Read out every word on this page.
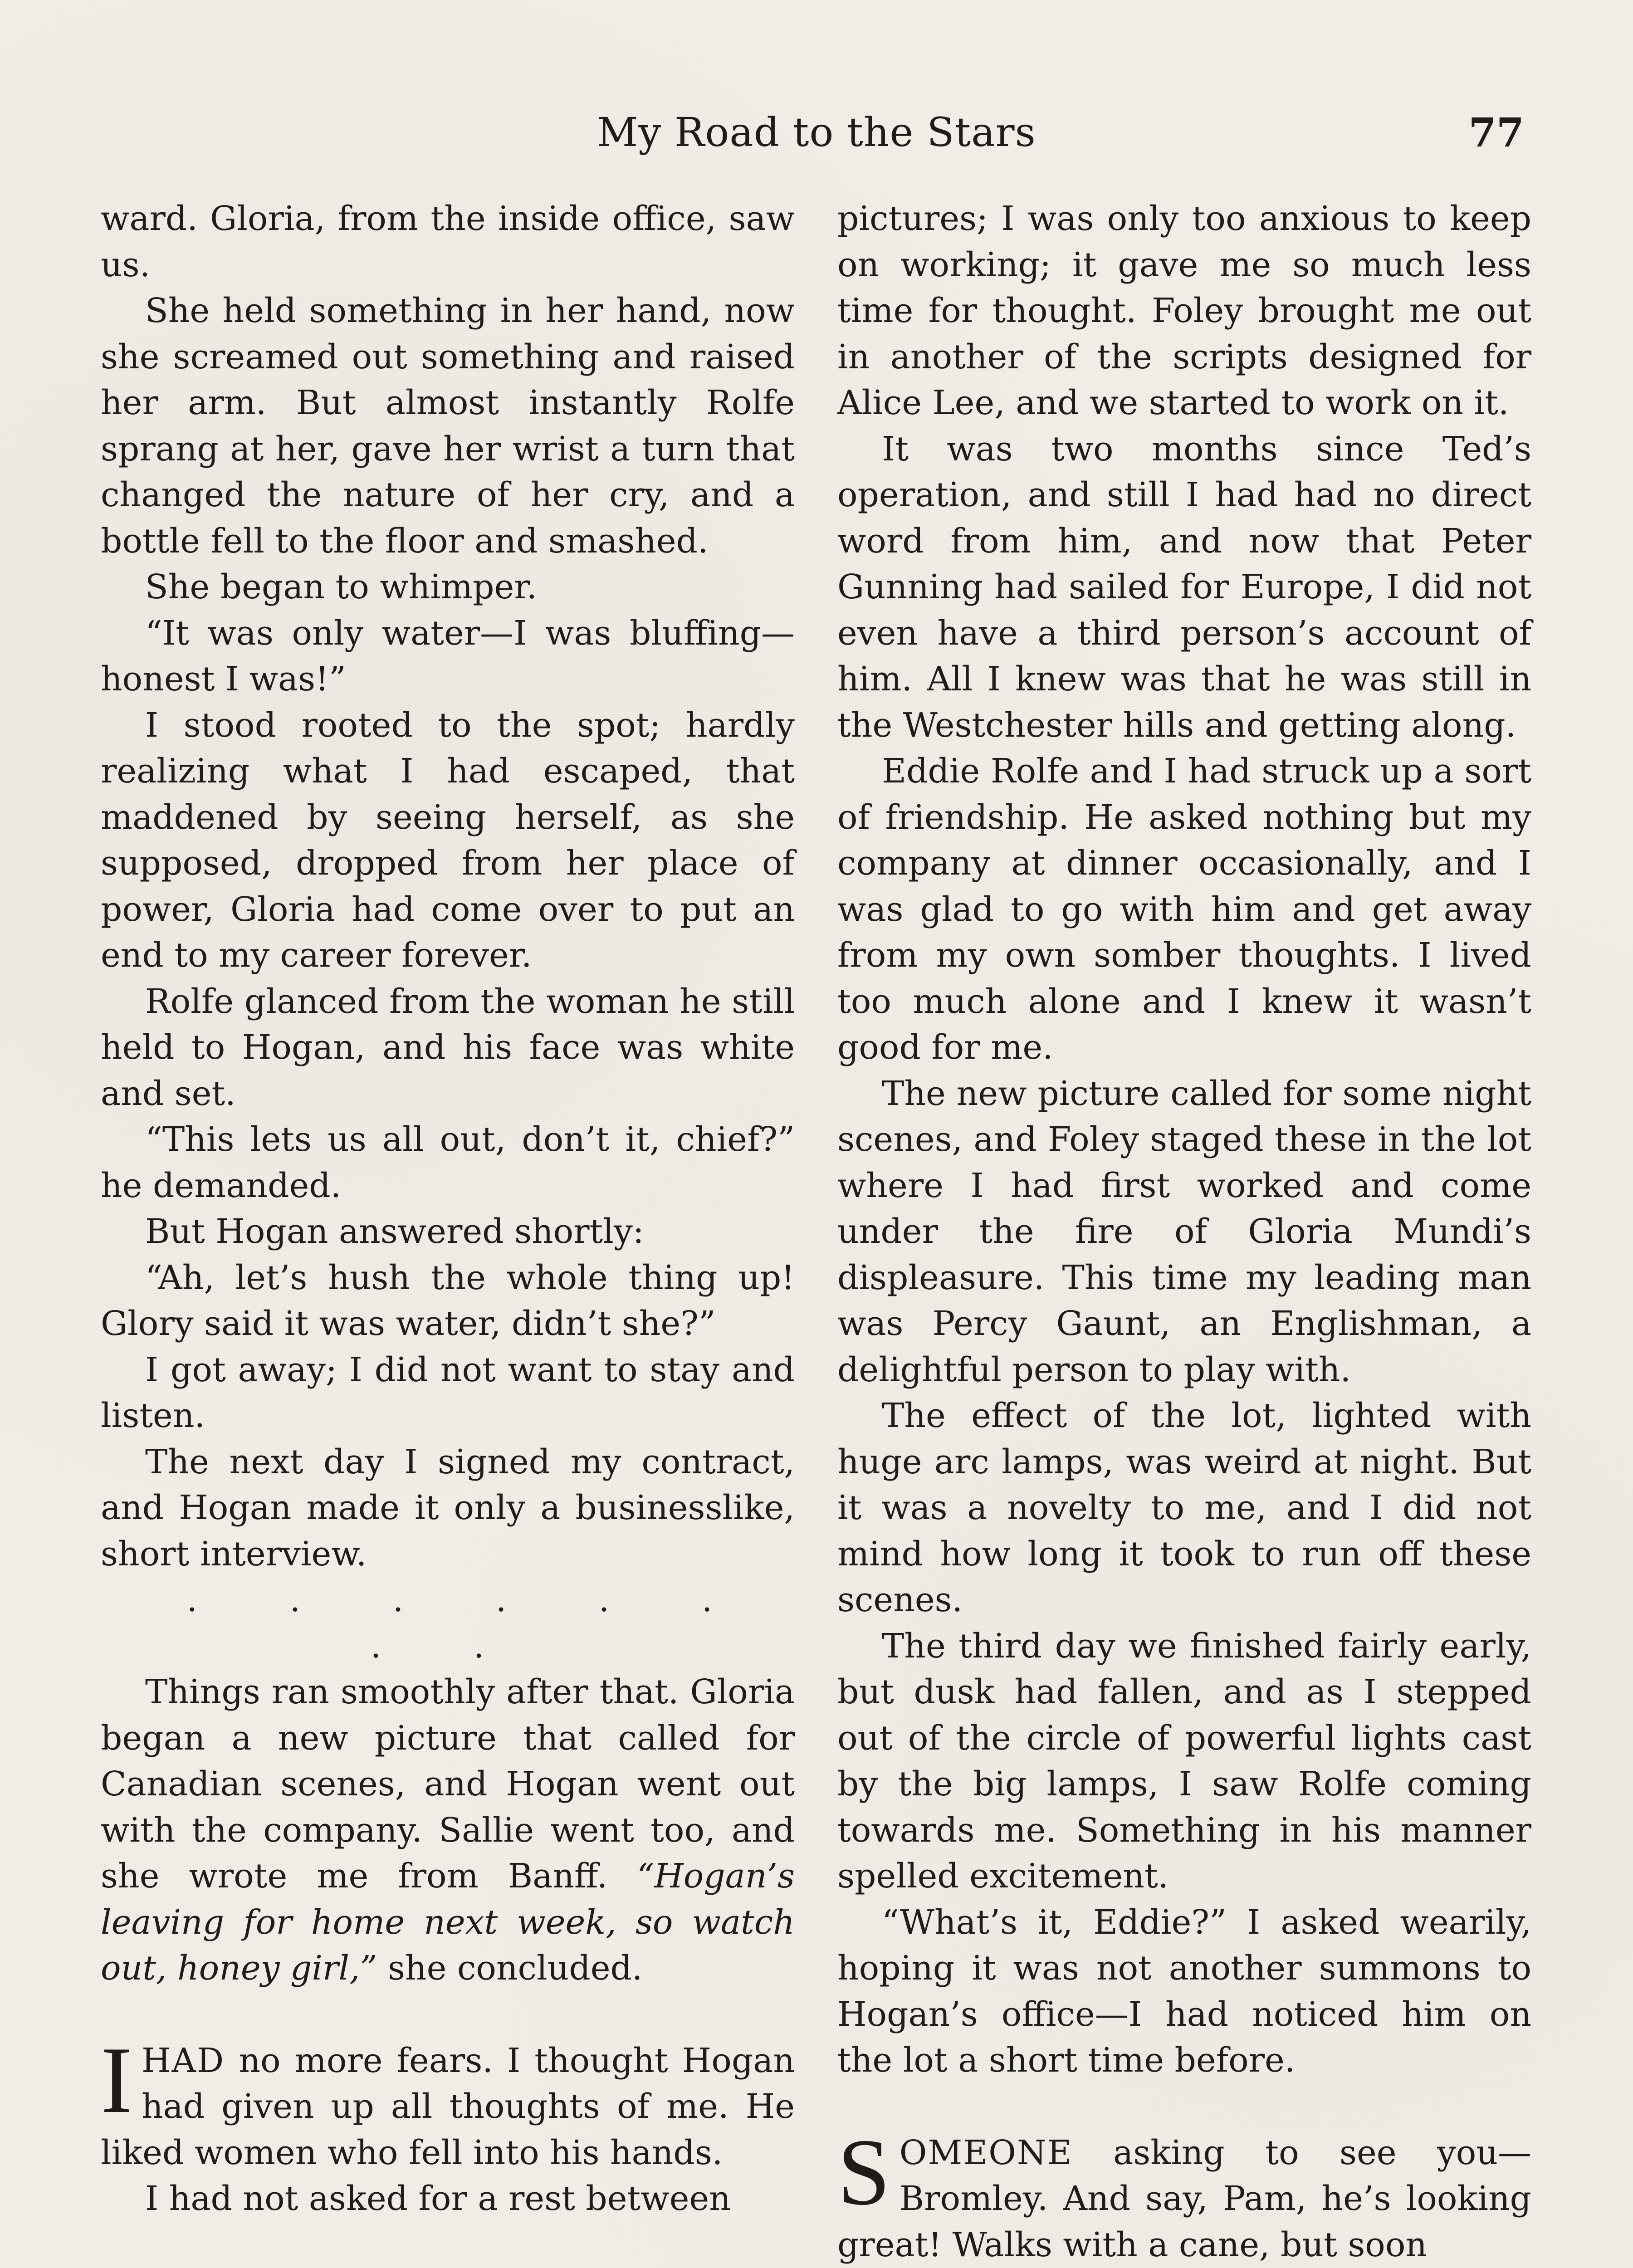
My Road to the Stars	77

ward. Gloria, from the inside office, saw us.

She held something in her hand, now she screamed out something and raised her arm. But almost instantly Rolfe sprang at her, gave her wrist a turn that changed the nature of her cry, and a bottle fell to the floor and smashed.

She began to whimper.

“It was only water—I was bluffing—honest I was!”

I stood rooted to the spot; hardly realizing what I had escaped, that maddened by seeing herself, as she supposed, dropped from her place of power, Gloria had come over to put an end to my career forever.

Rolfe glanced from the woman he still held to Hogan, and his face was white and set.

“This lets us all out, don’t it, chief?” he demanded.

But Hogan answered shortly:

“Ah, let’s hush the whole thing up! Glory said it was water, didn’t she?”

I got away; I did not want to stay and listen.

The next day I signed my contract, and Hogan made it only a businesslike, short interview.

. . . . . . . .

Things ran smoothly after that. Gloria began a new picture that called for Canadian scenes, and Hogan went out with the company. Sallie went too, and she wrote me from Banff. “Hogan’s leaving for home next week, so watch out, honey girl,” she concluded.

IHAD no more fears. I thought Hogan had given up all thoughts of me. He liked women who fell into his hands.

I had not asked for a rest between

pictures; I was only too anxious to keep on working; it gave me so much less time for thought. Foley brought me out in another of the scripts designed for Alice Lee, and we started to work on it.

It was two months since Ted’s operation, and still I had had no direct word from him, and now that Peter Gunning had sailed for Europe, I did not even have a third person’s account of him. All I knew was that he was still in the Westchester hills and getting along.

Eddie Rolfe and I had struck up a sort of friendship. He asked nothing but my company at dinner occasionally, and I was glad to go with him and get away from my own somber thoughts. I lived too much alone and I knew it wasn’t good for me.

The new picture called for some night scenes, and Foley staged these in the lot where I had first worked and come under the fire of Gloria Mundi’s displeasure. This time my leading man was Percy Gaunt, an Englishman, a delightful person to play with.

The effect of the lot, lighted with huge arc lamps, was weird at night. But it was a novelty to me, and I did not mind how long it took to run off these scenes.

The third day we finished fairly early, but dusk had fallen, and as I stepped out of the circle of powerful lights cast by the big lamps, I saw Rolfe coming towards me. Something in his manner spelled excitement.

“What’s it, Eddie?” I asked wearily, hoping it was not another summons to Hogan’s office—I had noticed him on the lot a short time before.

SOMEONE asking to see you—Bromley. And say, Pam, he’s looking great! Walks with a cane, but soon
